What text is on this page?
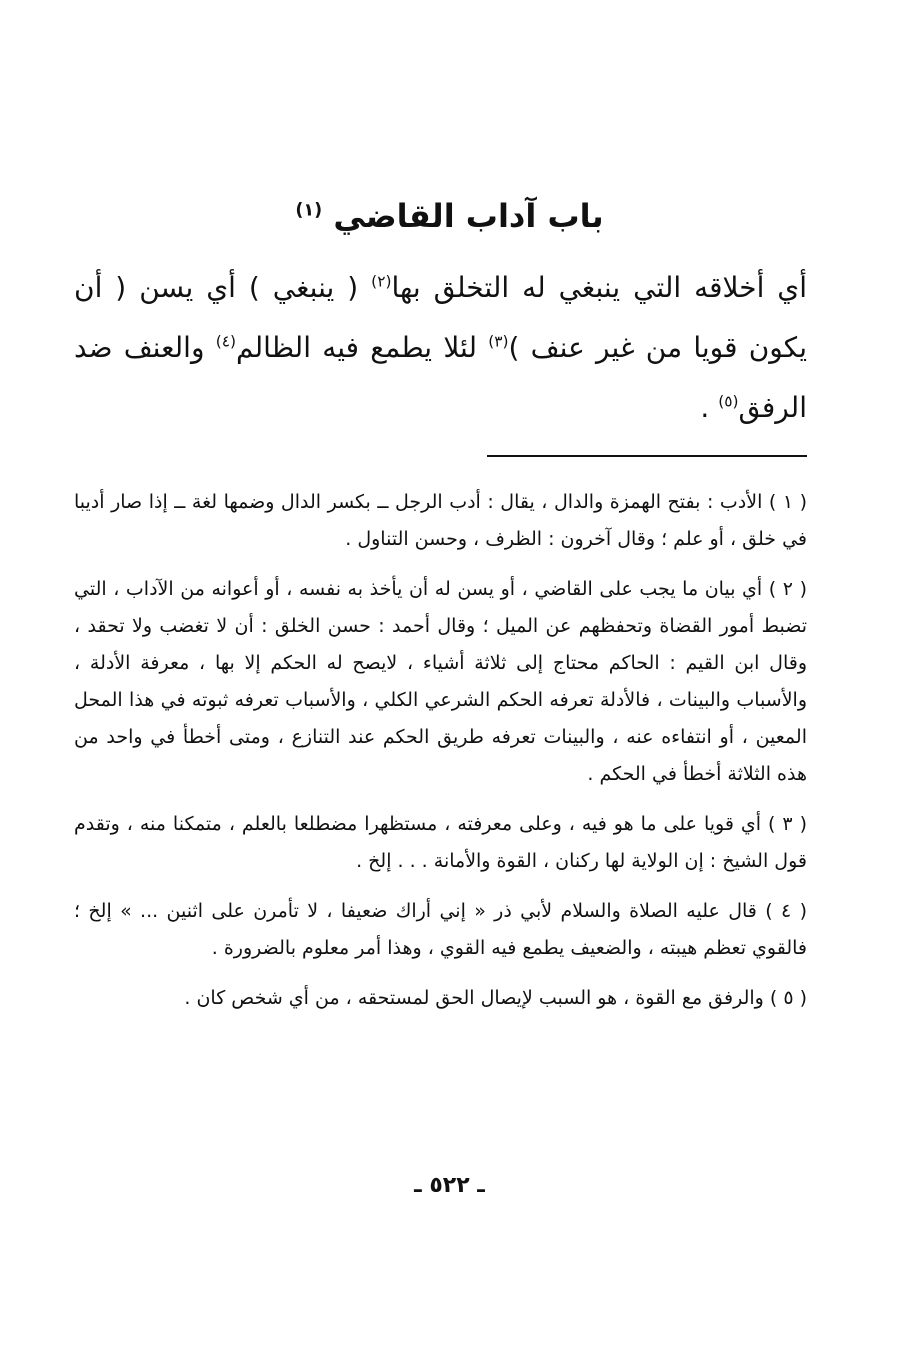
باب آداب القاضي $^{(١)}$
أي أخلاقه التي ينبغي له التخلق بها$^{(٢)}$ ( ينبغي ) أي يسن ( أن يكون قويا من غير عنف )$^{(٣)}$ لئلا يطمع فيه الظالم$^{(٤)}$ والعنف ضد الرفق$^{(٥)}$ .

( ١ ) الأدب : بفتح الهمزة والدال ، يقال : أدب الرجل ــ بكسر الدال وضمها لغة ــ إذا صار أديبا في خلق ، أو علم ؛ وقال آخرون : الظرف ، وحسن التناول .

( ٢ ) أي بيان ما يجب على القاضي ، أو يسن له أن يأخذ به نفسه ، أو أعوانه من الآداب ، التي تضبط أمور القضاة وتحفظهم عن الميل ؛ وقال أحمد : حسن الخلق : أن لا تغضب ولا تحقد ، وقال ابن القيم : الحاكم محتاج إلى ثلاثة أشياء ، لايصح له الحكم إلا بها ، معرفة الأدلة ، والأسباب والبينات ، فالأدلة تعرفه الحكم الشرعي الكلي ، والأسباب تعرفه ثبوته في هذا المحل المعين ، أو انتفاءه عنه ، والبينات تعرفه طريق الحكم عند التنازع ، ومتى أخطأ في واحد من هذه الثلاثة أخطأ في الحكم .

( ٣ ) أي قويا على ما هو فيه ، وعلى معرفته ، مستظهرا مضطلعا بالعلم ، متمكنا منه ، وتقدم قول الشيخ : إن الولاية لها ركنان ، القوة والأمانة . . . إلخ .

( ٤ ) قال عليه الصلاة والسلام لأبي ذر « إني أراك ضعيفا ، لا تأمرن على اثنين ... » إلخ ؛فالقوي تعظم هيبته ، والضعيف يطمع فيه القوي ، وهذا أمر معلوم بالضرورة .

( ٥ ) والرفق مع القوة ، هو السبب لإيصال الحق لمستحقه ، من أي شخص كان .

ـ ٥٢٢ ـ
